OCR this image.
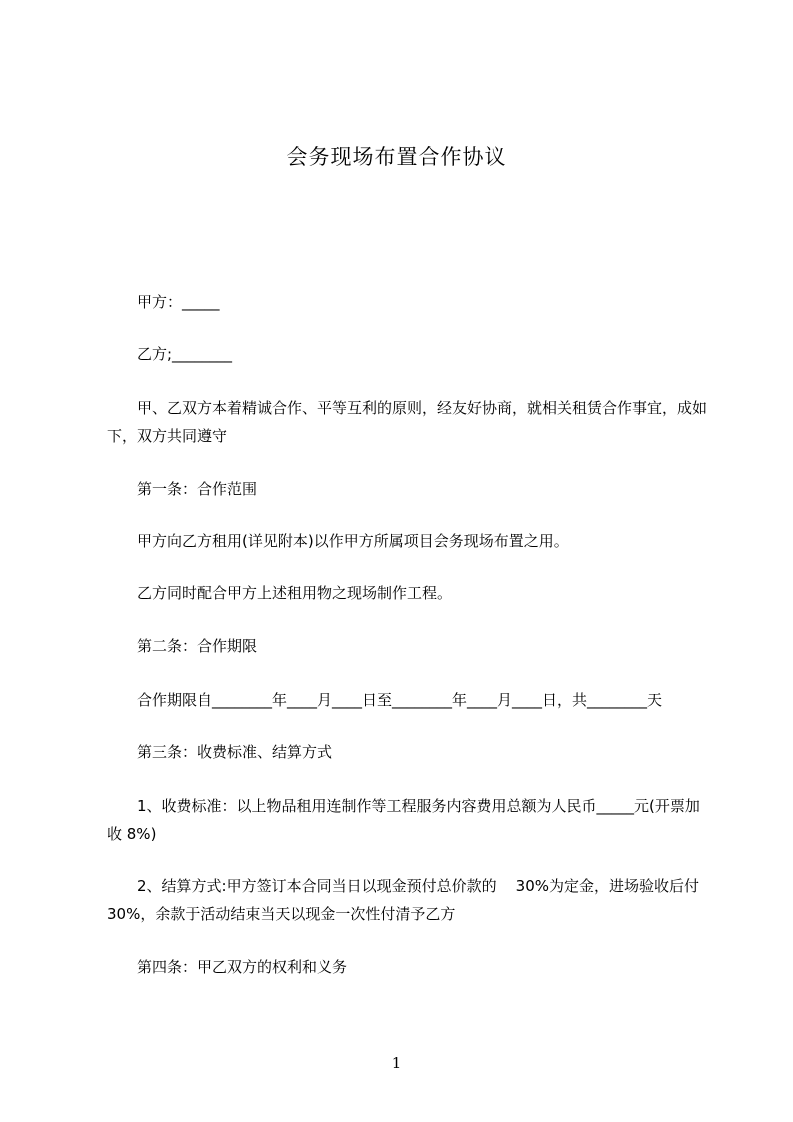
会务现场布置合作协议
甲方：_____
乙方;________
甲、乙双方本着精诚合作、平等互利的原则，经友好协商，就相关租赁合作事宜，成如下，双方共同遵守
第一条：合作范围
甲方向乙方租用(详见附本)以作甲方所属项目会务现场布置之用。
乙方同时配合甲方上述租用物之现场制作工程。
第二条：合作期限
合作期限自________年____月____日至________年____月____日，共________天
第三条：收费标准、结算方式
1、收费标准：以上物品租用连制作等工程服务内容费用总额为人民币_____元(开票加收 8%)
2、结算方式:甲方签订本合同当日以现金预付总价款的    30%为定金，进场验收后付 30%，余款于活动结束当天以现金一次性付清予乙方
第四条：甲乙双方的权利和义务
1
